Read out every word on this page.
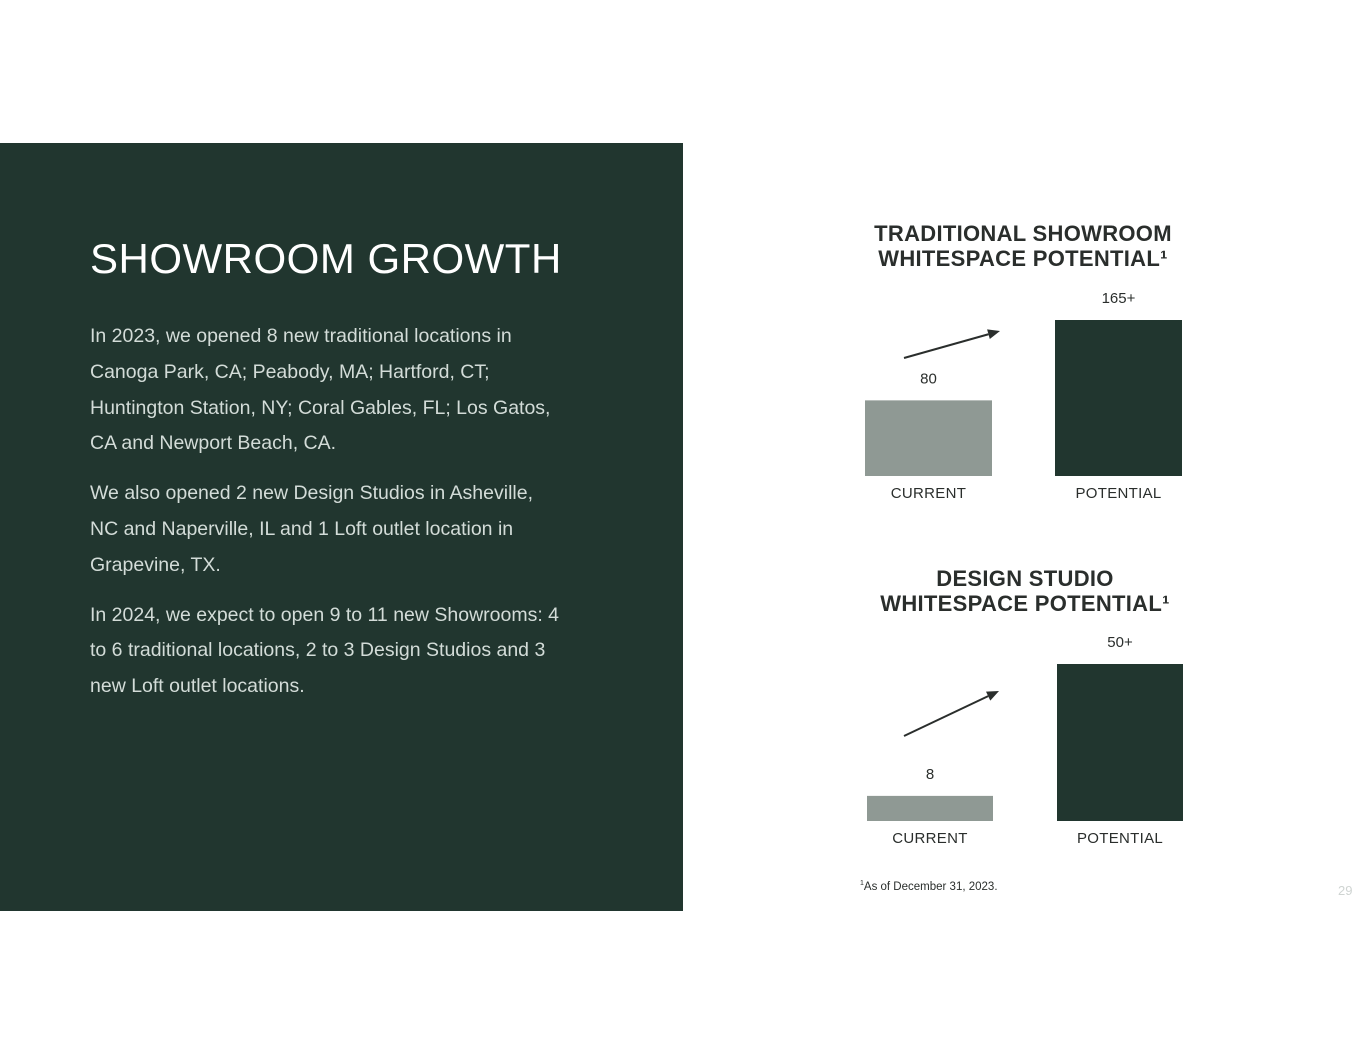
SHOWROOM GROWTH

In 2023, we opened 8 new traditional locations in Canoga Park, CA; Peabody, MA; Hartford, CT; Huntington Station, NY; Coral Gables, FL; Los Gatos, CA and Newport Beach, CA.

We also opened 2 new Design Studios in Asheville, NC and Naperville, IL and 1 Loft outlet location in Grapevine, TX.

In 2024, we expect to open 9 to 11 new Showrooms: 4 to 6 traditional locations, 2 to 3 Design Studios and 3 new Loft outlet locations.

TRADITIONAL SHOWROOM
WHITESPACE POTENTIAL¹
80
CURRENT
165+
POTENTIAL
DESIGN STUDIO
WHITESPACE POTENTIAL¹
8
CURRENT
50+
POTENTIAL
$^1$As of December 31, 2023.	29
